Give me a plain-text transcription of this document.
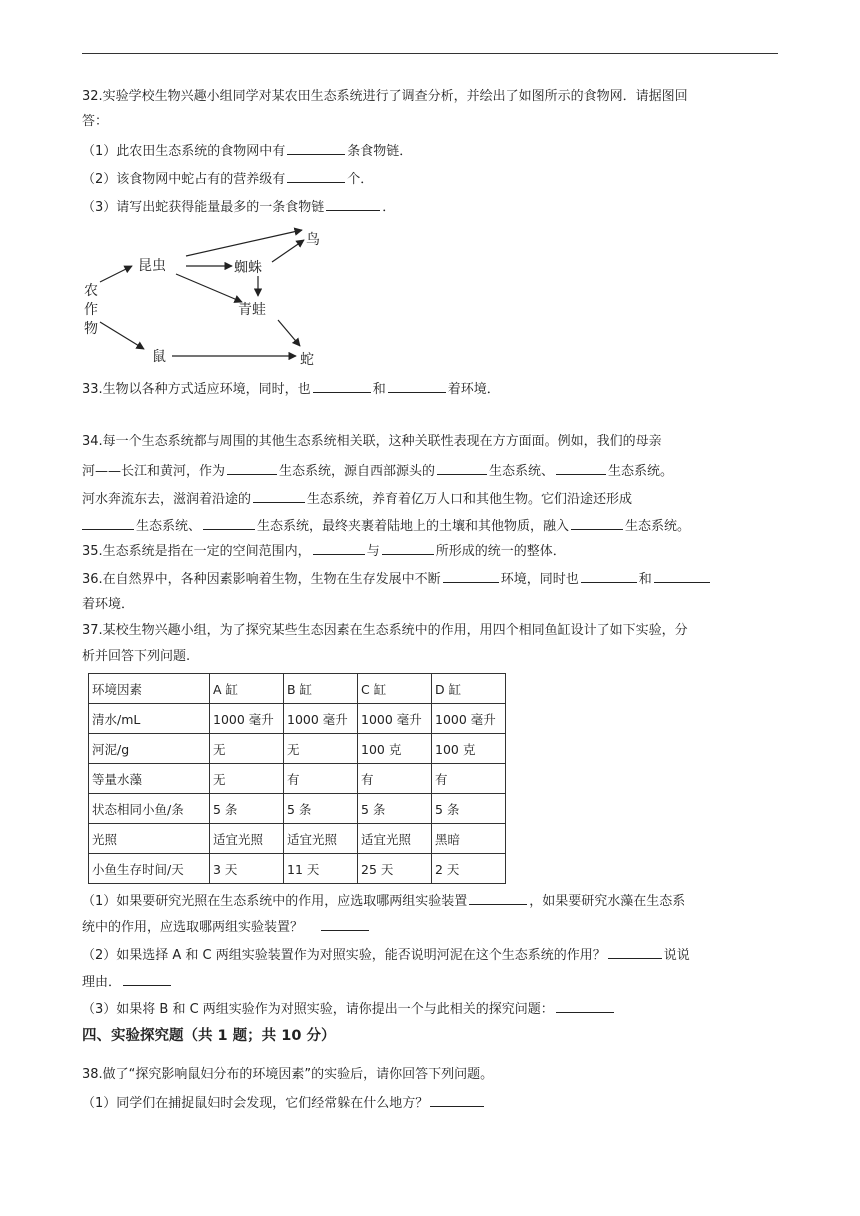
32.实验学校生物兴趣小组同学对某农田生态系统进行了调查分析，并绘出了如图所示的食物网．请据图回
答：
（1）此农田生态系统的食物网中有	条食物链．
（2）该食物网中蛇占有的营养级有	个．
（3）请写出蛇获得能量最多的一条食物链	．
农
作
物
昆虫	蜘蛛
鸟
青蛙
鼠	蛇
33.生物以各种方式适应环境，同时，也	和	着环境．
34.每一个生态系统都与周围的其他生态系统相关联，这种关联性表现在方方面面。例如，我们的母亲
河——长江和黄河，作为	生态系统，源自西部源头的	生态系统、	生态系统。
河水奔流东去，滋润着沿途的	生态系统，养育着亿万人口和其他生物。它们沿途还形成
生态系统、	生态系统，最终夹裹着陆地上的土壤和其他物质，融入	生态系统。
35.生态系统是指在一定的空间范围内，	与	所形成的统一的整体．
36.在自然界中，各种因素影响着生物，生物在生存发展中不断	环境，同时也	和
着环境．
37.某校生物兴趣小组，为了探究某些生态因素在生态系统中的作用，用四个相同鱼缸设计了如下实验，分
析并回答下列问题.
环境因素	A 缸	B 缸	C 缸	D 缸
清水/mL	1000 毫升	1000 毫升	1000 毫升	1000 毫升
河泥/g	无	无	100 克	100 克
等量水藻	无	有	有	有
状态相同小鱼/条	5 条	5 条	5 条	5 条
光照	适宜光照	适宜光照	适宜光照	黑暗
小鱼生存时间/天	3 天	11 天	25 天	2 天
（1）如果要研究光照在生态系统中的作用，应选取哪两组实验装置	，如果要研究水藻在生态系
统中的作用，应选取哪两组实验装置？
（2）如果选择 A 和 C 两组实验装置作为对照实验，能否说明河泥在这个生态系统的作用？	说说
理由．
（3）如果将 B 和 C 两组实验作为对照实验，请你提出一个与此相关的探究问题：
四、实验探究题（共 1 题；共 10 分）
38.做了“探究影响鼠妇分布的环境因素”的实验后，请你回答下列问题。
（1）同学们在捕捉鼠妇时会发现，它们经常躲在什么地方？
